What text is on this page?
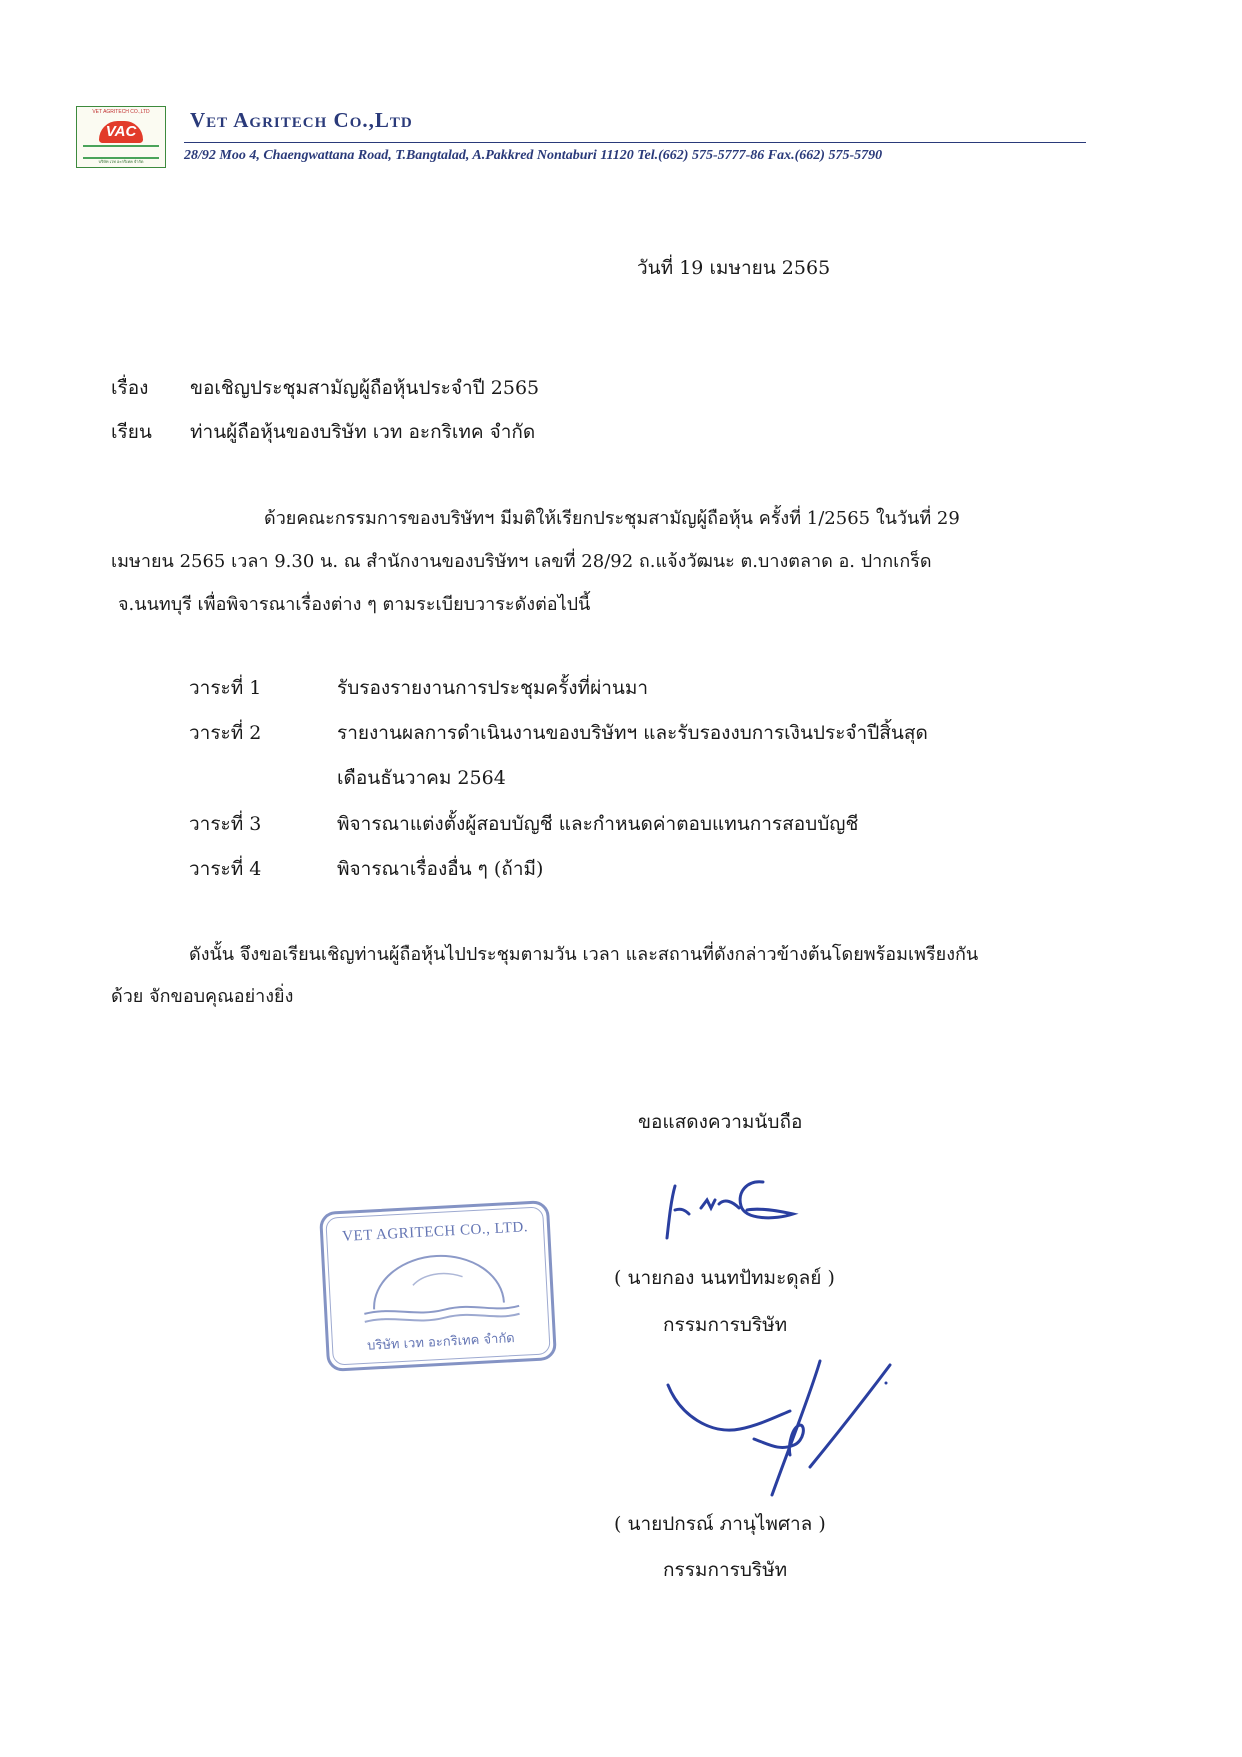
VET AGRITECH CO.,LTD
VAC
บริษัท เวท อะกริเทค จำกัด
Vet Agritech Co.,Ltd
28/92 Moo 4, Chaengwattana Road, T.Bangtalad, A.Pakkred Nontaburi 11120 Tel.(662) 575-5777-86 Fax.(662) 575-5790
วันที่ 19 เมษายน 2565
เรื่อง	ขอเชิญประชุมสามัญผู้ถือหุ้นประจำปี 2565
เรียน	ท่านผู้ถือหุ้นของบริษัท เวท อะกริเทค จำกัด
ด้วยคณะกรรมการของบริษัทฯ มีมติให้เรียกประชุมสามัญผู้ถือหุ้น ครั้งที่ 1/2565 ในวันที่ 29
เมษายน 2565 เวลา 9.30 น. ณ สำนักงานของบริษัทฯ เลขที่ 28/92 ถ.แจ้งวัฒนะ ต.บางตลาด อ. ปากเกร็ด
จ.นนทบุรี เพื่อพิจารณาเรื่องต่าง ๆ ตามระเบียบวาระดังต่อไปนี้
วาระที่ 1	รับรองรายงานการประชุมครั้งที่ผ่านมา
วาระที่ 2	รายงานผลการดำเนินงานของบริษัทฯ และรับรองงบการเงินประจำปีสิ้นสุด
เดือนธันวาคม 2564
วาระที่ 3	พิจารณาแต่งตั้งผู้สอบบัญชี และกำหนดค่าตอบแทนการสอบบัญชี
วาระที่ 4	พิจารณาเรื่องอื่น ๆ (ถ้ามี)
ดังนั้น จึงขอเรียนเชิญท่านผู้ถือหุ้นไปประชุมตามวัน เวลา และสถานที่ดังกล่าวข้างต้นโดยพร้อมเพรียงกัน
ด้วย จักขอบคุณอย่างยิ่ง
ขอแสดงความนับถือ
( นายกอง นนทปัทมะดุลย์ )
กรรมการบริษัท
VET AGRITECH CO., LTD.
บริษัท เวท อะกริเทค จำกัด
( นายปกรณ์ ภานุไพศาล )
กรรมการบริษัท
